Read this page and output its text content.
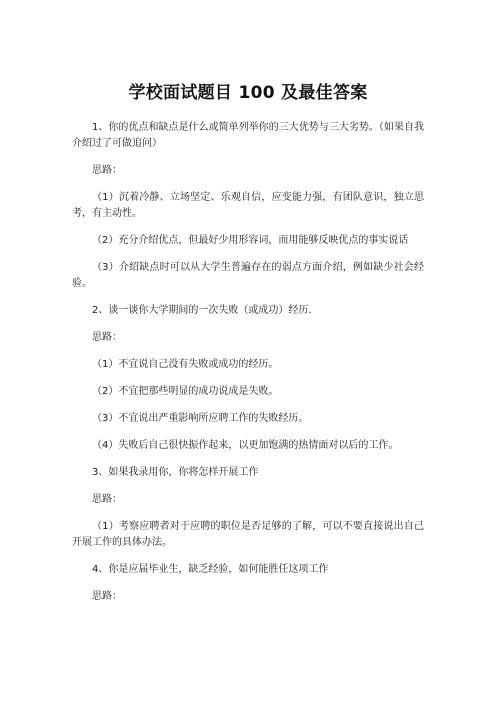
学校面试题目 100 及最佳答案

1、你的优点和缺点是什么或简单列举你的三大优势与三大劣势。（如果自我介绍过了可做追问）

思路：

（1）沉着冷静、立场坚定、乐观自信，应变能力强，有团队意识，独立思考，有主动性。

（2）充分介绍优点，但最好少用形容词，而用能够反映优点的事实说话

（3）介绍缺点时可以从大学生普遍存在的弱点方面介绍，例如缺少社会经验。

2、谈一谈你大学期间的一次失败（或成功）经历.

思路：

（1）不宜说自己没有失败或成功的经历。

（2）不宜把那些明显的成功说成是失败。

（3）不宜说出严重影响所应聘工作的失败经历。

（4）失败后自己很快振作起来，以更加饱满的热情面对以后的工作。

3、如果我录用你，你将怎样开展工作

思路：

（1）考察应聘者对于应聘的职位是否足够的了解，可以不要直接说出自己开展工作的具体办法。

4、你是应届毕业生，缺乏经验，如何能胜任这项工作

思路：
